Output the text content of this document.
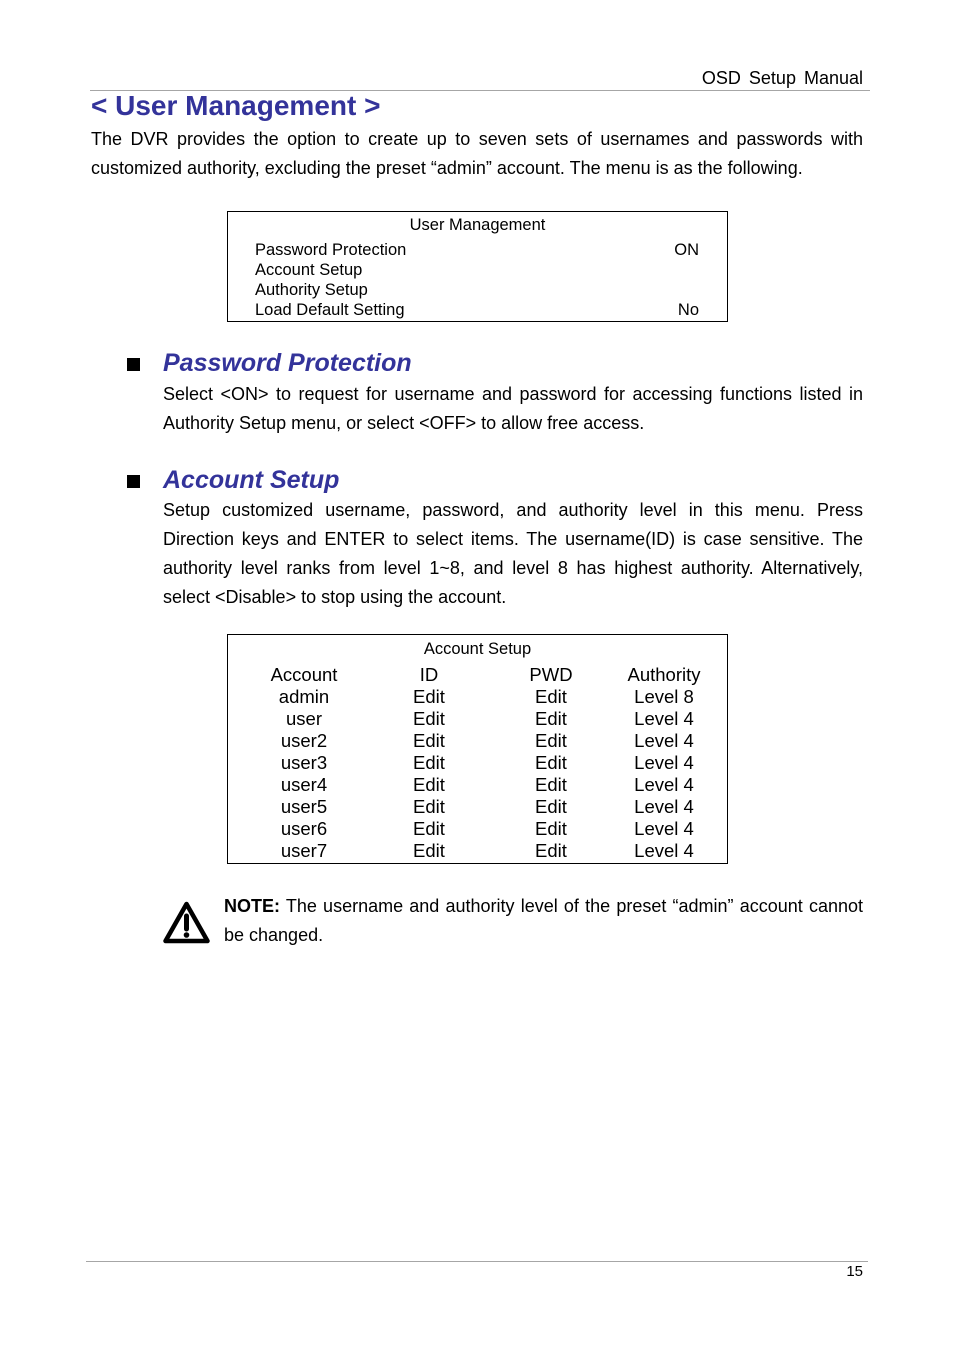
OSD Setup Manual
< User Management >

The DVR provides the option to create up to seven sets of usernames and passwords with customized authority, excluding the preset “admin” account. The menu is as the following.

User Management
Password Protection	ON
Account Setup
Authority Setup
Load Default Setting	No
Password Protection

Select <ON> to request for username and password for accessing functions listed in Authority Setup menu, or select <OFF> to allow free access.

Account Setup

Setup customized username, password, and authority level in this menu. Press Direction keys and ENTER to select items. The username(ID) is case sensitive. The authority level ranks from level 1~8, and level 8 has highest authority. Alternatively, select <Disable> to stop using the account.

Account Setup
Account	ID	PWD	Authority
admin	Edit	Edit	Level 8
user	Edit	Edit	Level 4
user2	Edit	Edit	Level 4
user3	Edit	Edit	Level 4
user4	Edit	Edit	Level 4
user5	Edit	Edit	Level 4
user6	Edit	Edit	Level 4
user7	Edit	Edit	Level 4

NOTE: The username and authority level of the preset “admin” account cannot be changed.

15
